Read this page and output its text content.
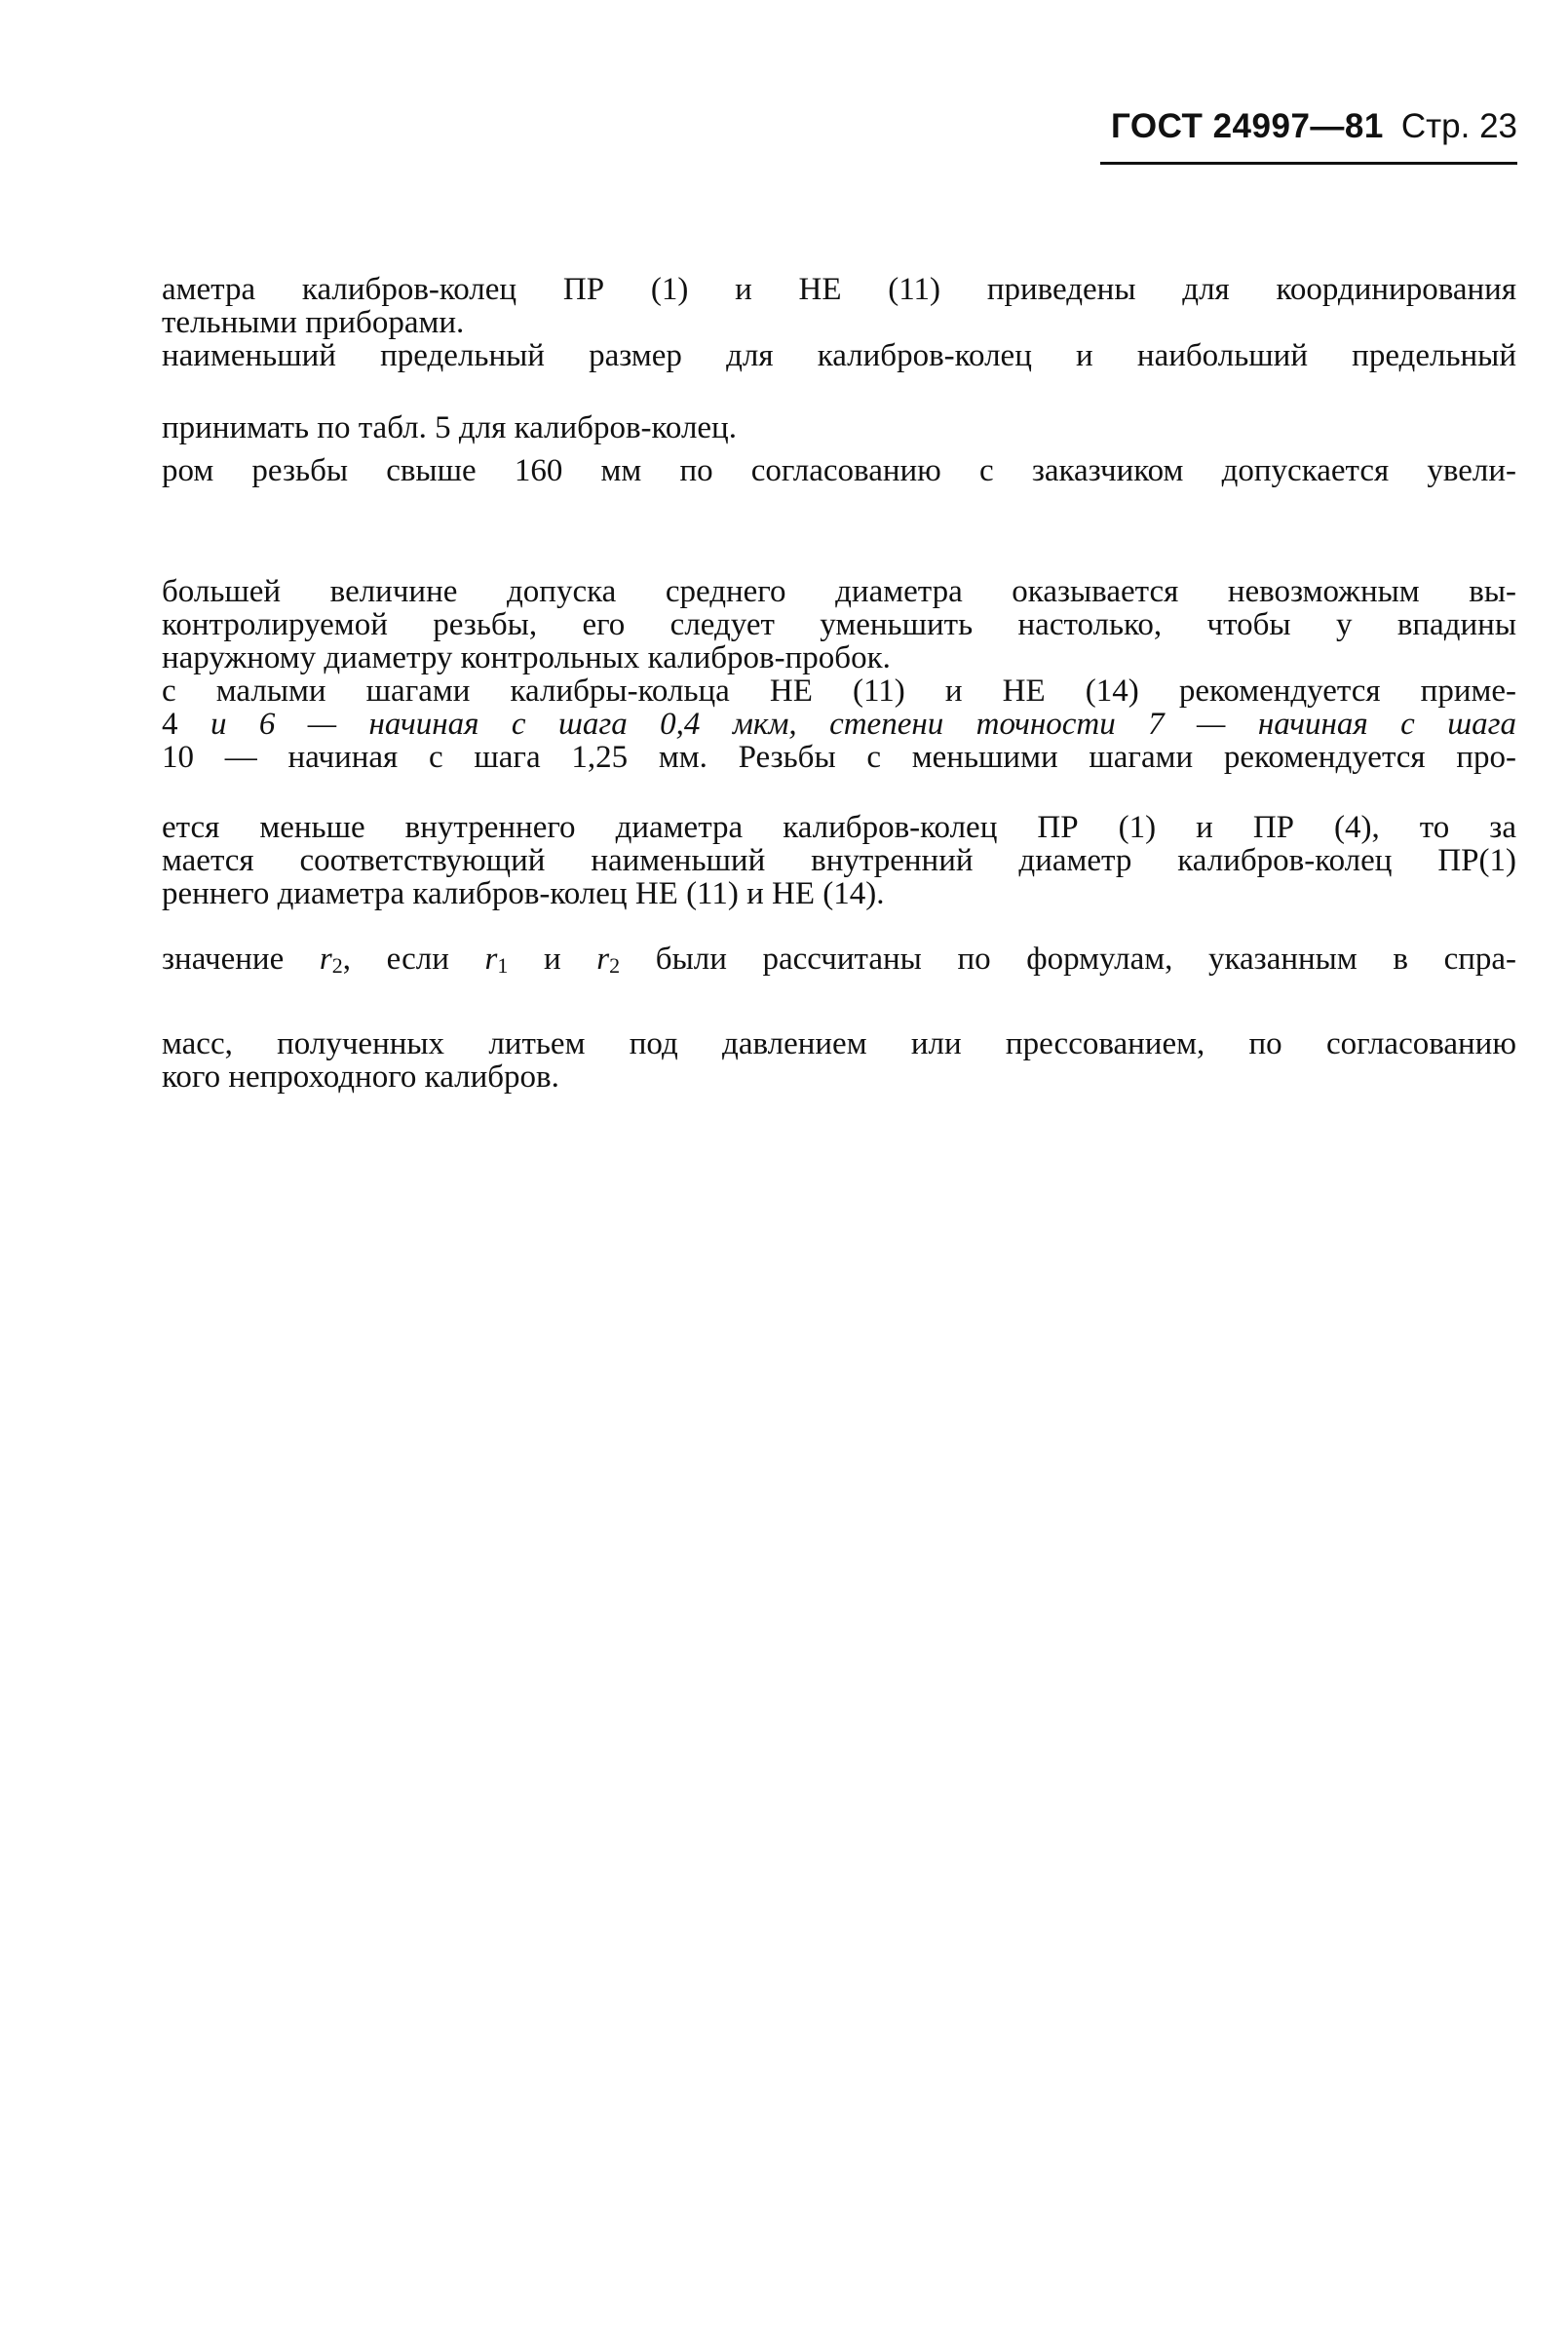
ГОСТ 24997—81 Стр. 23
аметра калибров-колец ПР (1) и НЕ (11) приведены для координирования
тельными приборами.
наименьший предельный размер для калибров-колец и наибольший предельный
принимать по табл. 5 для калибров-колец.
ром резьбы свыше 160 мм по согласованию с заказчиком допускается увели-
большей величине допуска среднего диаметра оказывается невозможным вы-
контролируемой резьбы, его следует уменьшить настолько, чтобы у впадины
наружному диаметру контрольных калибров-пробок.
с малыми шагами калибры-кольца НЕ (11) и НЕ (14) рекомендуется приме-
4 и 6 — начиная с шага 0,4 мкм, степени точности 7 — начиная с шага
10 — начиная с шага 1,25 мм. Резьбы с меньшими шагами рекомендуется про-
ется меньше внутреннего диаметра калибров-колец ПР (1) и ПР (4), то за
мается соответствующий наименьший внутренний диаметр калибров-колец ПР(1)
реннего диаметра калибров-колец НЕ (11) и НЕ (14).
значение r2, если r1 и r2 были рассчитаны по формулам, указанным в спра-
масс, полученных литьем под давлением или прессованием, по согласованию
кого непроходного калибров.
